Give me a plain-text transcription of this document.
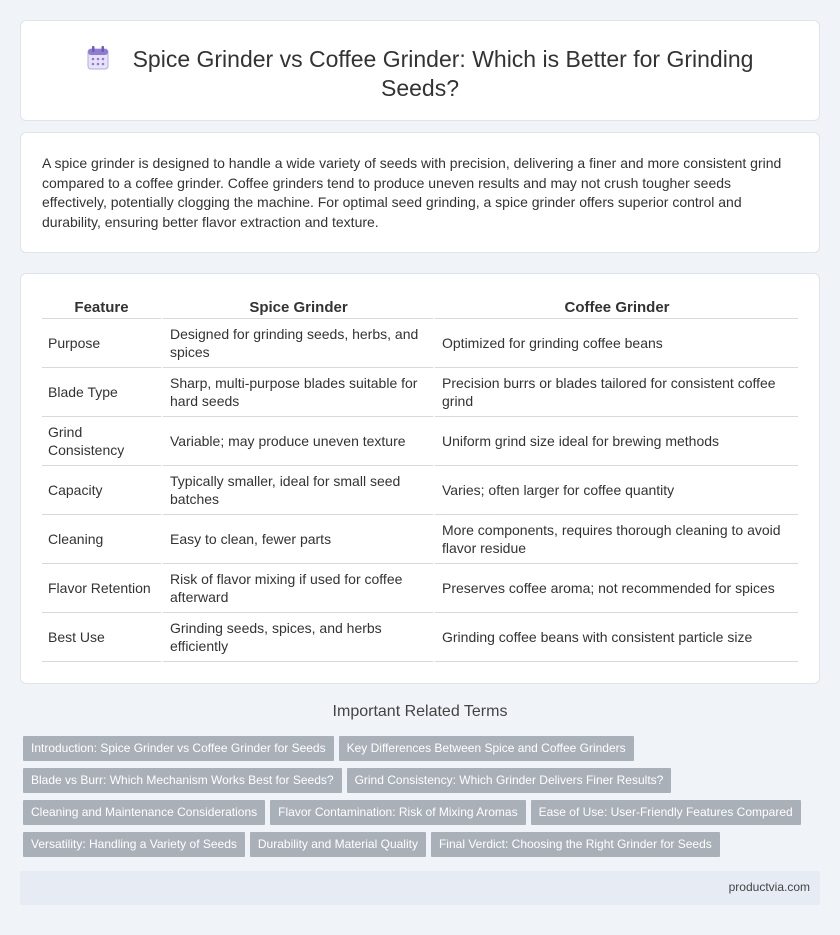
Spice Grinder vs Coffee Grinder: Which is Better for Grinding Seeds?

A spice grinder is designed to handle a wide variety of seeds with precision, delivering a finer and more consistent grind compared to a coffee grinder. Coffee grinders tend to produce uneven results and may not crush tougher seeds effectively, potentially clogging the machine. For optimal seed grinding, a spice grinder offers superior control and durability, ensuring better flavor extraction and texture.

Feature	Spice Grinder	Coffee Grinder
Purpose	Designed for grinding seeds, herbs, and spices	Optimized for grinding coffee beans
Blade Type	Sharp, multi-purpose blades suitable for hard seeds	Precision burrs or blades tailored for consistent coffee grind
Grind Consistency	Variable; may produce uneven texture	Uniform grind size ideal for brewing methods
Capacity	Typically smaller, ideal for small seed batches	Varies; often larger for coffee quantity
Cleaning	Easy to clean, fewer parts	More components, requires thorough cleaning to avoid flavor residue
Flavor Retention	Risk of flavor mixing if used for coffee afterward	Preserves coffee aroma; not recommended for spices
Best Use	Grinding seeds, spices, and herbs efficiently	Grinding coffee beans with consistent particle size
Important Related Terms
Introduction: Spice Grinder vs Coffee Grinder for Seeds Key Differences Between Spice and Coffee Grinders
Blade vs Burr: Which Mechanism Works Best for Seeds? Grind Consistency: Which Grinder Delivers Finer Results?
Cleaning and Maintenance Considerations Flavor Contamination: Risk of Mixing Aromas Ease of Use: User-Friendly Features Compared
Versatility: Handling a Variety of Seeds Durability and Material Quality Final Verdict: Choosing the Right Grinder for Seeds
productvia.com
